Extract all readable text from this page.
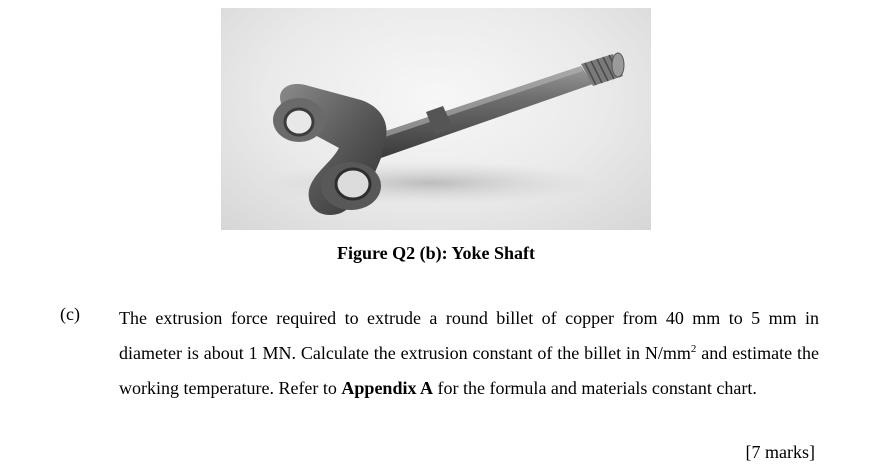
Figure Q2 (b): Yoke Shaft
(c) The extrusion force required to extrude a round billet of copper from 40 mm to 5 mm in diameter is about 1 MN. Calculate the extrusion constant of the billet in $N/mm^2$ and estimate the working temperature. Refer to Appendix A for the formula and materials constant chart.
[7 marks]
